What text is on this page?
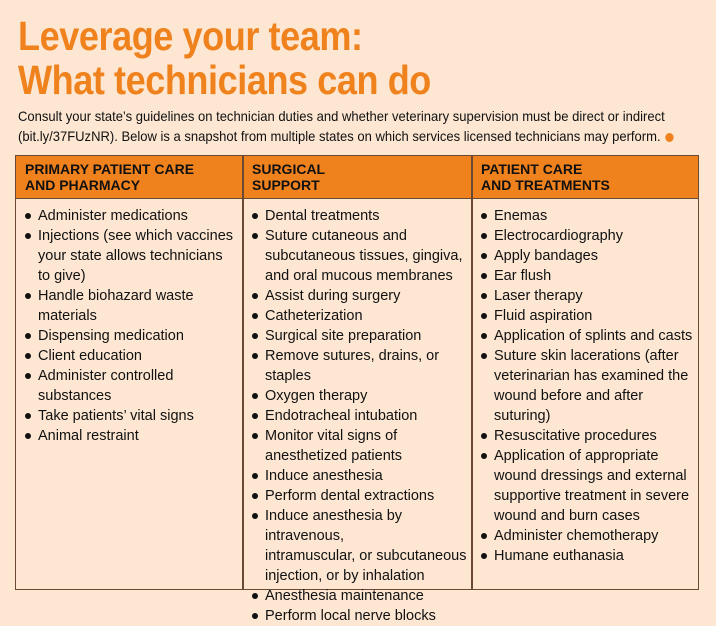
Leverage your team:
What technicians can do
Consult your state’s guidelines on technician duties and whether veterinary supervision must be direct or indirect
(bit.ly/37FUzNR). Below is a snapshot from multiple states on which services licensed technicians may perform.
PRIMARY PATIENT CARE
AND PHARMACY
SURGICAL
SUPPORT
PATIENT CARE
AND TREATMENTS
Administer medications
Injections (see which vaccines
your state allows technicians
to give)
Handle biohazard waste
materials
Dispensing medication
Client education
Administer controlled
substances
Take patients’ vital signs
Animal restraint
Dental treatments
Suture cutaneous and
subcutaneous tissues, gingiva,
and oral mucous membranes
Assist during surgery
Catheterization
Surgical site preparation
Remove sutures, drains, or staples
Oxygen therapy
Endotracheal intubation
Monitor vital signs of
anesthetized patients
Induce anesthesia
Perform dental extractions
Induce anesthesia by intravenous,
intramuscular, or subcutaneous
injection, or by inhalation
Anesthesia maintenance
Perform local nerve blocks
Enemas
Electrocardiography
Apply bandages
Ear flush
Laser therapy
Fluid aspiration
Application of splints and casts
Suture skin lacerations (after
veterinarian has examined the
wound before and after suturing)
Resuscitative procedures
Application of appropriate
wound dressings and external
supportive treatment in severe
wound and burn cases
Administer chemotherapy
Humane euthanasia
